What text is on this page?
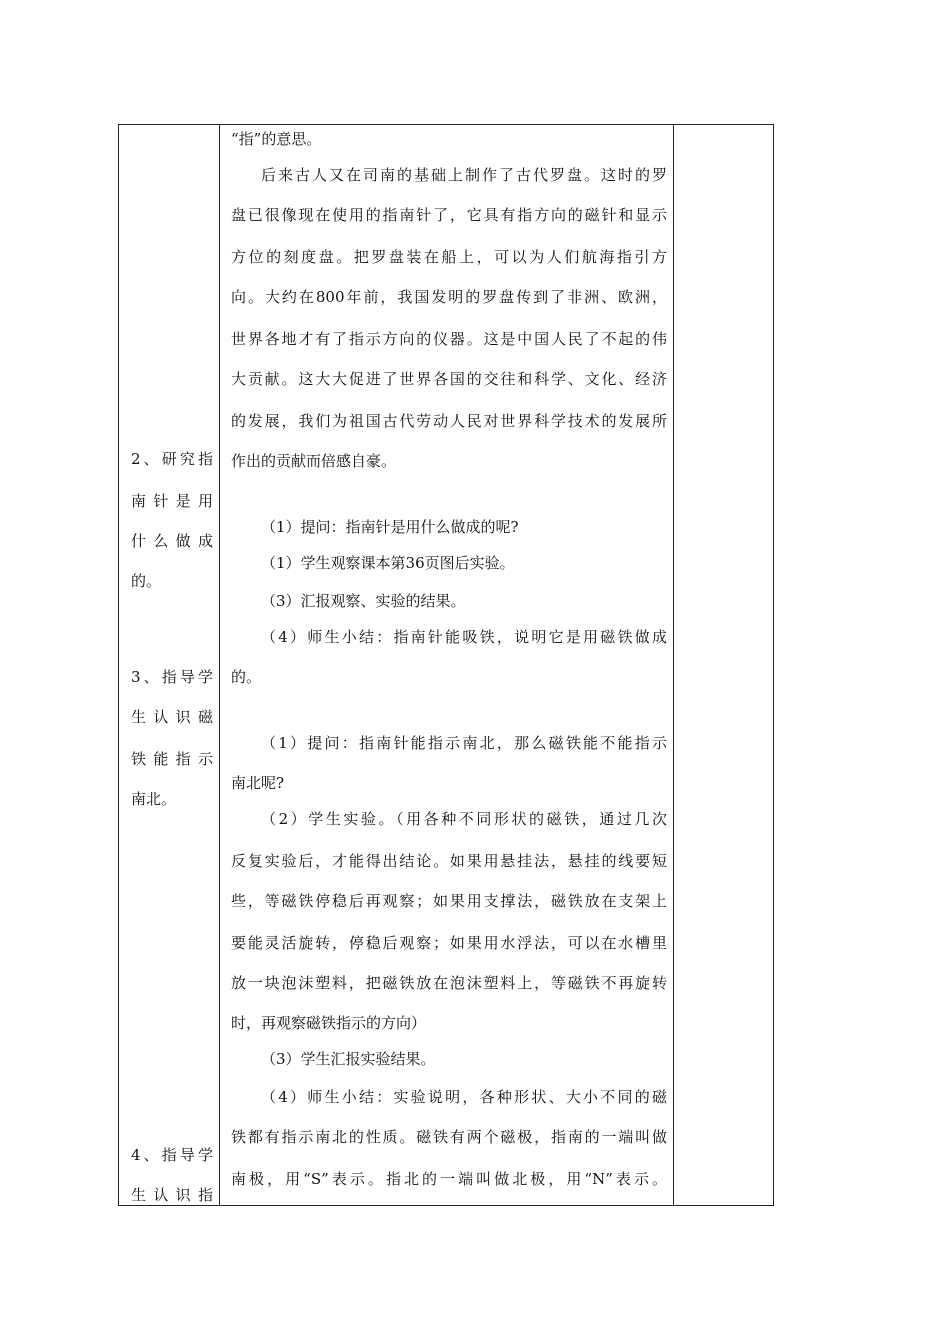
2、研究指
南针是用
什么做成
的。
3、指导学
生认识磁
铁能指示
南北。
4、指导学
生认识指
“指”的意思。
后来古人又在司南的基础上制作了古代罗盘。这时的罗
盘已很像现在使用的指南针了，它具有指方向的磁针和显示
方位的刻度盘。把罗盘装在船上，可以为人们航海指引方
向。大约在800年前，我国发明的罗盘传到了非洲、欧洲，
世界各地才有了指示方向的仪器。这是中国人民了不起的伟
大贡献。这大大促进了世界各国的交往和科学、文化、经济
的发展，我们为祖国古代劳动人民对世界科学技术的发展所
作出的贡献而倍感自豪。
（1）提问：指南针是用什么做成的呢?
（1）学生观察课本第36页图后实验。
（3）汇报观察、实验的结果。
（4）师生小结：指南针能吸铁，说明它是用磁铁做成
的。
（1）提问：指南针能指示南北，那么磁铁能不能指示
南北呢?
（2）学生实验。（用各种不同形状的磁铁，通过几次
反复实验后，才能得出结论。如果用悬挂法，悬挂的线要短
些，等磁铁停稳后再观察；如果用支撑法，磁铁放在支架上
要能灵活旋转，停稳后观察；如果用水浮法，可以在水槽里
放一块泡沫塑料，把磁铁放在泡沫塑料上，等磁铁不再旋转
时，再观察磁铁指示的方向）
（3）学生汇报实验结果。
（4）师生小结：实验说明，各种形状、大小不同的磁
铁都有指示南北的性质。磁铁有两个磁极，指南的一端叫做
南极，用“S”表示。指北的一端叫做北极，用“N”表示。
